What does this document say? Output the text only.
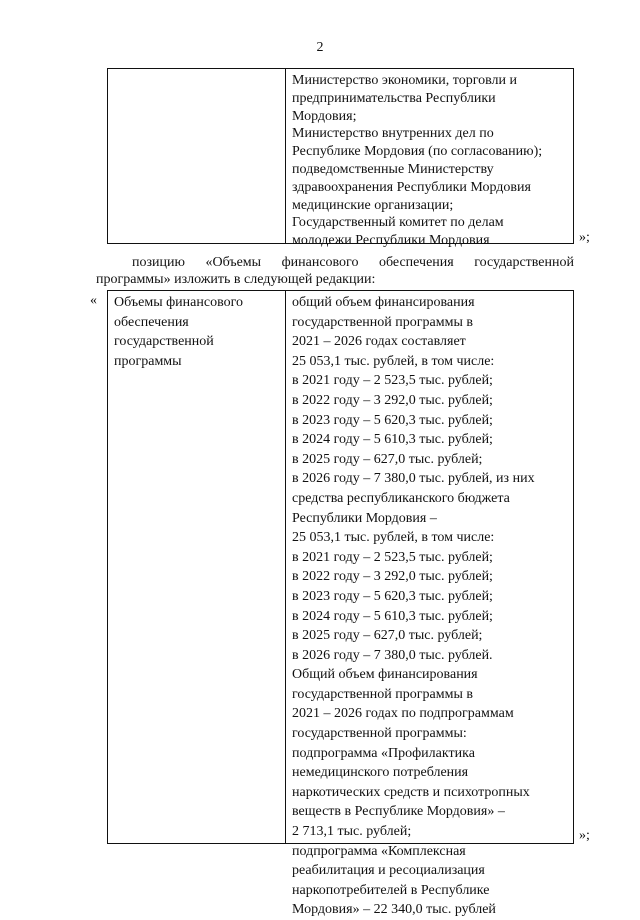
2
Министерство экономики, торговли и
предпринимательства Республики
Мордовия;
Министерство внутренних дел по
Республике Мордовия (по согласованию);
подведомственные Министерству
здравоохранения Республики Мордовия
медицинские организации;
Государственный комитет по делам
молодежи Республики Мордовия	»;
позицию «Объемы финансового обеспечения государственной
программы» изложить в следующей редакции:
« Объемы финансового
обеспечения
государственной
программы
общий объем финансирования
государственной программы в
2021 – 2026 годах составляет
25 053,1 тыс. рублей, в том числе:
в 2021 году – 2 523,5 тыс. рублей;
в 2022 году – 3 292,0 тыс. рублей;
в 2023 году – 5 620,3 тыс. рублей;
в 2024 году – 5 610,3 тыс. рублей;
в 2025 году – 627,0 тыс. рублей;
в 2026 году – 7 380,0 тыс. рублей, из них
средства республиканского бюджета
Республики Мордовия –
25 053,1 тыс. рублей, в том числе:
в 2021 году – 2 523,5 тыс. рублей;
в 2022 году – 3 292,0 тыс. рублей;
в 2023 году – 5 620,3 тыс. рублей;
в 2024 году – 5 610,3 тыс. рублей;
в 2025 году – 627,0 тыс. рублей;
в 2026 году – 7 380,0 тыс. рублей.
Общий объем финансирования
государственной программы в
2021 – 2026 годах по подпрограммам
государственной программы:
подпрограмма «Профилактика
немедицинского потребления
наркотических средств и психотропных
веществ в Республике Мордовия» –
2 713,1 тыс. рублей;
подпрограмма «Комплексная
реабилитация и ресоциализация
наркопотребителей в Республике
Мордовия» – 22 340,0 тыс. рублей
»;
